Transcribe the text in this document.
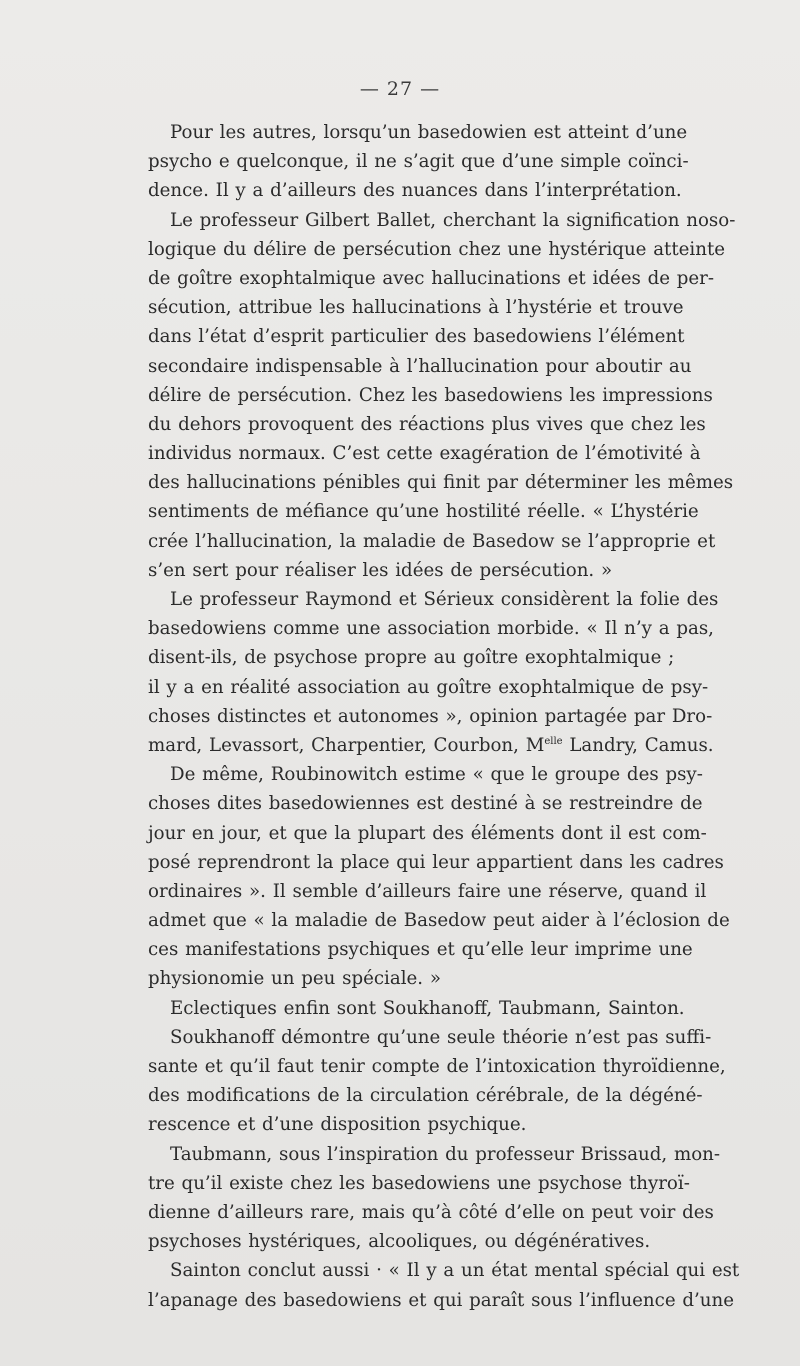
— 27 —
Pour les autres, lorsqu’un basedowien est atteint d’une
psycho e quelconque, il ne s’agit que d’une simple coïnci-
dence. Il y a d’ailleurs des nuances dans l’interprétation.
Le professeur Gilbert Ballet, cherchant la signification noso-
logique du délire de persécution chez une hystérique atteinte
de goître exophtalmique avec hallucinations et idées de per-
sécution, attribue les hallucinations à l’hystérie et trouve
dans l’état d’esprit particulier des basedowiens l’élément
secondaire indispensable à l’hallucination pour aboutir au
délire de persécution. Chez les basedowiens les impressions
du dehors provoquent des réactions plus vives que chez les
individus normaux. C’est cette exagération de l’émotivité à
des hallucinations pénibles qui finit par déterminer les mêmes
sentiments de méfiance qu’une hostilité réelle. « L’hystérie
crée l’hallucination, la maladie de Basedow se l’approprie et
s’en sert pour réaliser les idées de persécution. »
Le professeur Raymond et Sérieux considèrent la folie des
basedowiens comme une association morbide. « Il n’y a pas,
disent-ils, de psychose propre au goître exophtalmique ;
il y a en réalité association au goître exophtalmique de psy-
choses distinctes et autonomes », opinion partagée par Dro-
mard, Levassort, Charpentier, Courbon, $M^{elle}$ Landry, Camus.
De même, Roubinowitch estime « que le groupe des psy-
choses dites basedowiennes est destiné à se restreindre de
jour en jour, et que la plupart des éléments dont il est com-
posé reprendront la place qui leur appartient dans les cadres
ordinaires ». Il semble d’ailleurs faire une réserve, quand il
admet que « la maladie de Basedow peut aider à l’éclosion de
ces manifestations psychiques et qu’elle leur imprime une
physionomie un peu spéciale. »
Eclectiques enfin sont Soukhanoff, Taubmann, Sainton.
Soukhanoff démontre qu’une seule théorie n’est pas suffi-
sante et qu’il faut tenir compte de l’intoxication thyroïdienne,
des modifications de la circulation cérébrale, de la dégéné-
rescence et d’une disposition psychique.
Taubmann, sous l’inspiration du professeur Brissaud, mon-
tre qu’il existe chez les basedowiens une psychose thyroï-
dienne d’ailleurs rare, mais qu’à côté d’elle on peut voir des
psychoses hystériques, alcooliques, ou dégénératives.
Sainton conclut aussi · « Il y a un état mental spécial qui est
l’apanage des basedowiens et qui paraît sous l’influence d’une
